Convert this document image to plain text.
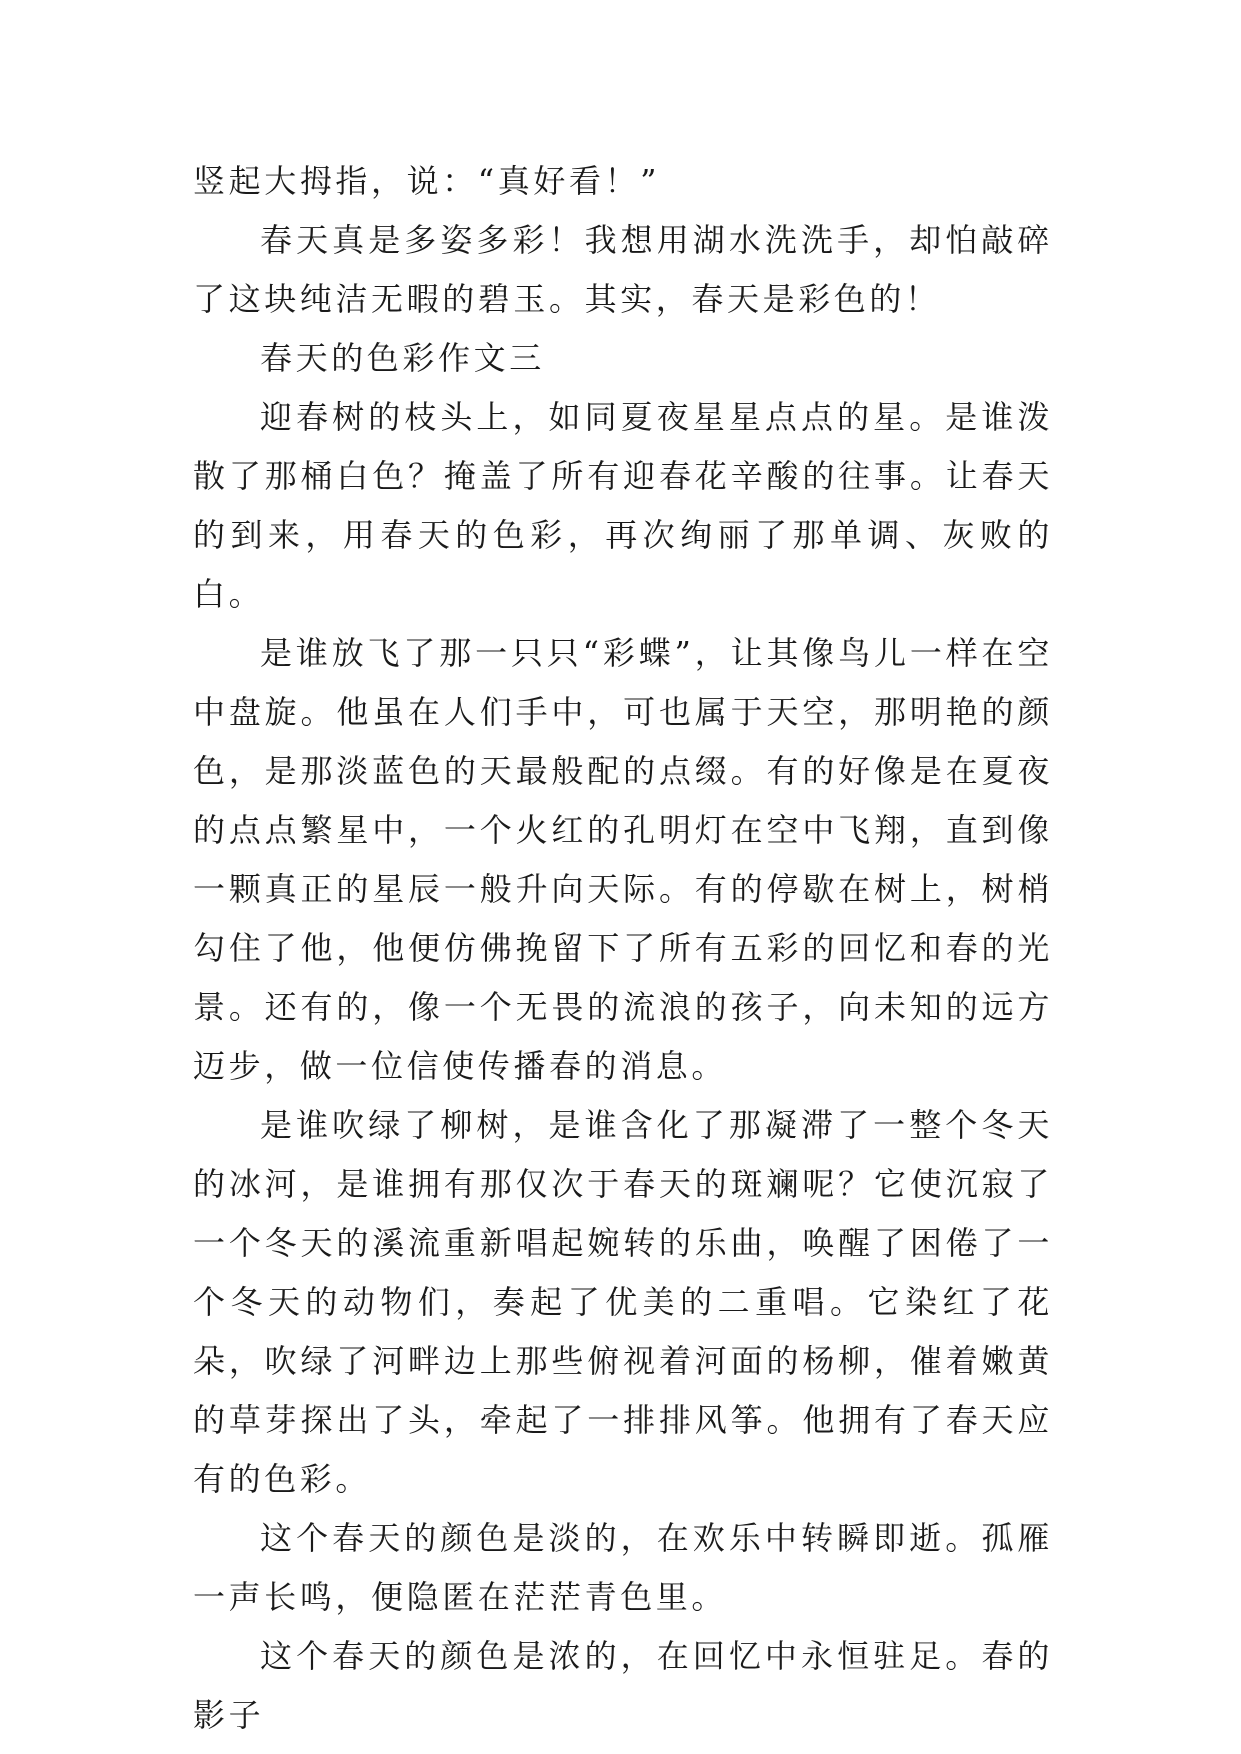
竖起大拇指，说：“真好看！”

春天真是多姿多彩！我想用湖水洗洗手，却怕敲碎了这块纯洁无暇的碧玉。其实，春天是彩色的！

春天的色彩作文三

迎春树的枝头上，如同夏夜星星点点的星。是谁泼散了那桶白色？掩盖了所有迎春花辛酸的往事。让春天的到来，用春天的色彩，再次绚丽了那单调、灰败的白。

是谁放飞了那一只只“彩蝶”，让其像鸟儿一样在空中盘旋。他虽在人们手中，可也属于天空，那明艳的颜色，是那淡蓝色的天最般配的点缀。有的好像是在夏夜的点点繁星中，一个火红的孔明灯在空中飞翔，直到像一颗真正的星辰一般升向天际。有的停歇在树上，树梢勾住了他，他便仿佛挽留下了所有五彩的回忆和春的光景。还有的，像一个无畏的流浪的孩子，向未知的远方迈步，做一位信使传播春的消息。

是谁吹绿了柳树，是谁含化了那凝滞了一整个冬天的冰河，是谁拥有那仅次于春天的斑斓呢？它使沉寂了一个冬天的溪流重新唱起婉转的乐曲，唤醒了困倦了一个冬天的动物们，奏起了优美的二重唱。它染红了花朵，吹绿了河畔边上那些俯视着河面的杨柳，催着嫩黄的草芽探出了头，牵起了一排排风筝。他拥有了春天应有的色彩。

这个春天的颜色是淡的，在欢乐中转瞬即逝。孤雁一声长鸣，便隐匿在茫茫青色里。

这个春天的颜色是浓的，在回忆中永恒驻足。春的影子
